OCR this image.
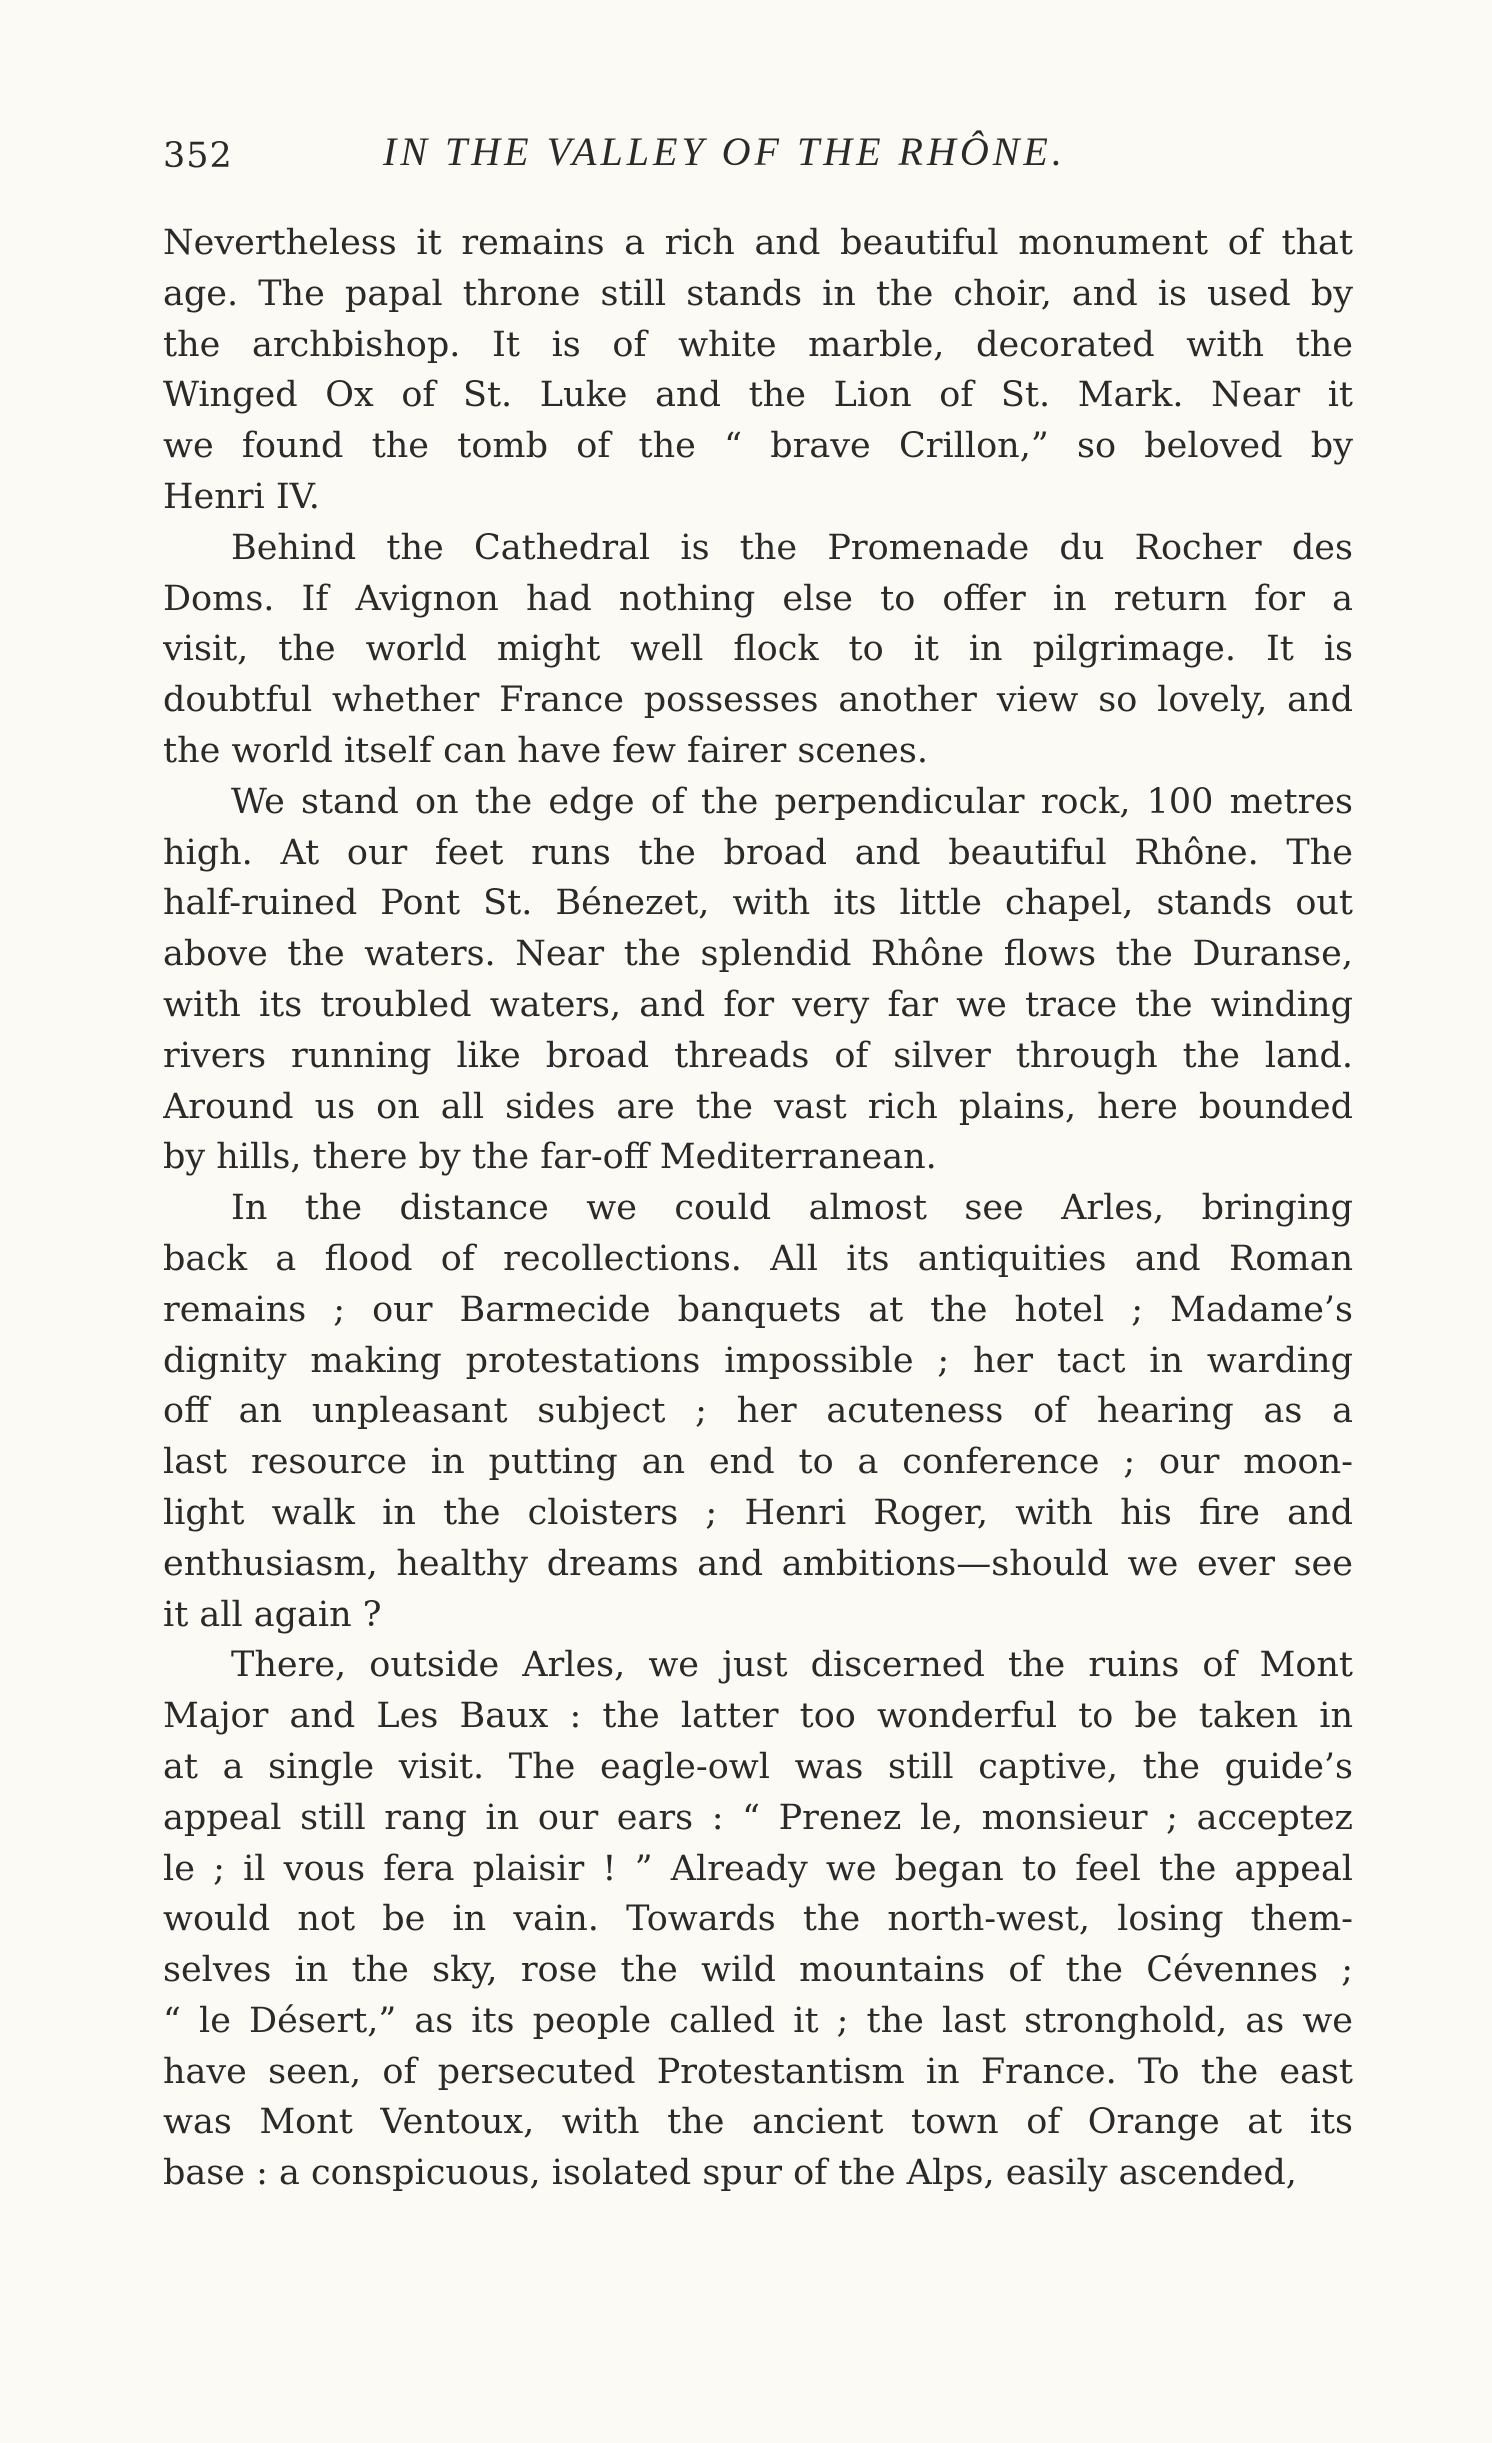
352	IN THE VALLEY OF THE RHÔNE.
Nevertheless it remains a rich and beautiful monument of that
age. The papal throne still stands in the choir, and is used by
the archbishop. It is of white marble, decorated with the
Winged Ox of St. Luke and the Lion of St. Mark. Near it
we found the tomb of the “ brave Crillon,” so beloved by
Henri IV.
Behind the Cathedral is the Promenade du Rocher des
Doms. If Avignon had nothing else to offer in return for a
visit, the world might well flock to it in pilgrimage. It is
doubtful whether France possesses another view so lovely, and
the world itself can have few fairer scenes.
We stand on the edge of the perpendicular rock, 100 metres
high. At our feet runs the broad and beautiful Rhône. The
half-ruined Pont St. Bénezet, with its little chapel, stands out
above the waters. Near the splendid Rhône flows the Duranse,
with its troubled waters, and for very far we trace the winding
rivers running like broad threads of silver through the land.
Around us on all sides are the vast rich plains, here bounded
by hills, there by the far-off Mediterranean.
In the distance we could almost see Arles, bringing
back a flood of recollections. All its antiquities and Roman
remains ; our Barmecide banquets at the hotel ; Madame’s
dignity making protestations impossible ; her tact in warding
off an unpleasant subject ; her acuteness of hearing as a
last resource in putting an end to a conference ; our moon-
light walk in the cloisters ; Henri Roger, with his fire and
enthusiasm, healthy dreams and ambitions—should we ever see
it all again ?
There, outside Arles, we just discerned the ruins of Mont
Major and Les Baux : the latter too wonderful to be taken in
at a single visit. The eagle-owl was still captive, the guide’s
appeal still rang in our ears : “ Prenez le, monsieur ; acceptez
le ; il vous fera plaisir ! ” Already we began to feel the appeal
would not be in vain. Towards the north-west, losing them-
selves in the sky, rose the wild mountains of the Cévennes ;
“ le Désert,” as its people called it ; the last stronghold, as we
have seen, of persecuted Protestantism in France. To the east
was Mont Ventoux, with the ancient town of Orange at its
base : a conspicuous, isolated spur of the Alps, easily ascended,
